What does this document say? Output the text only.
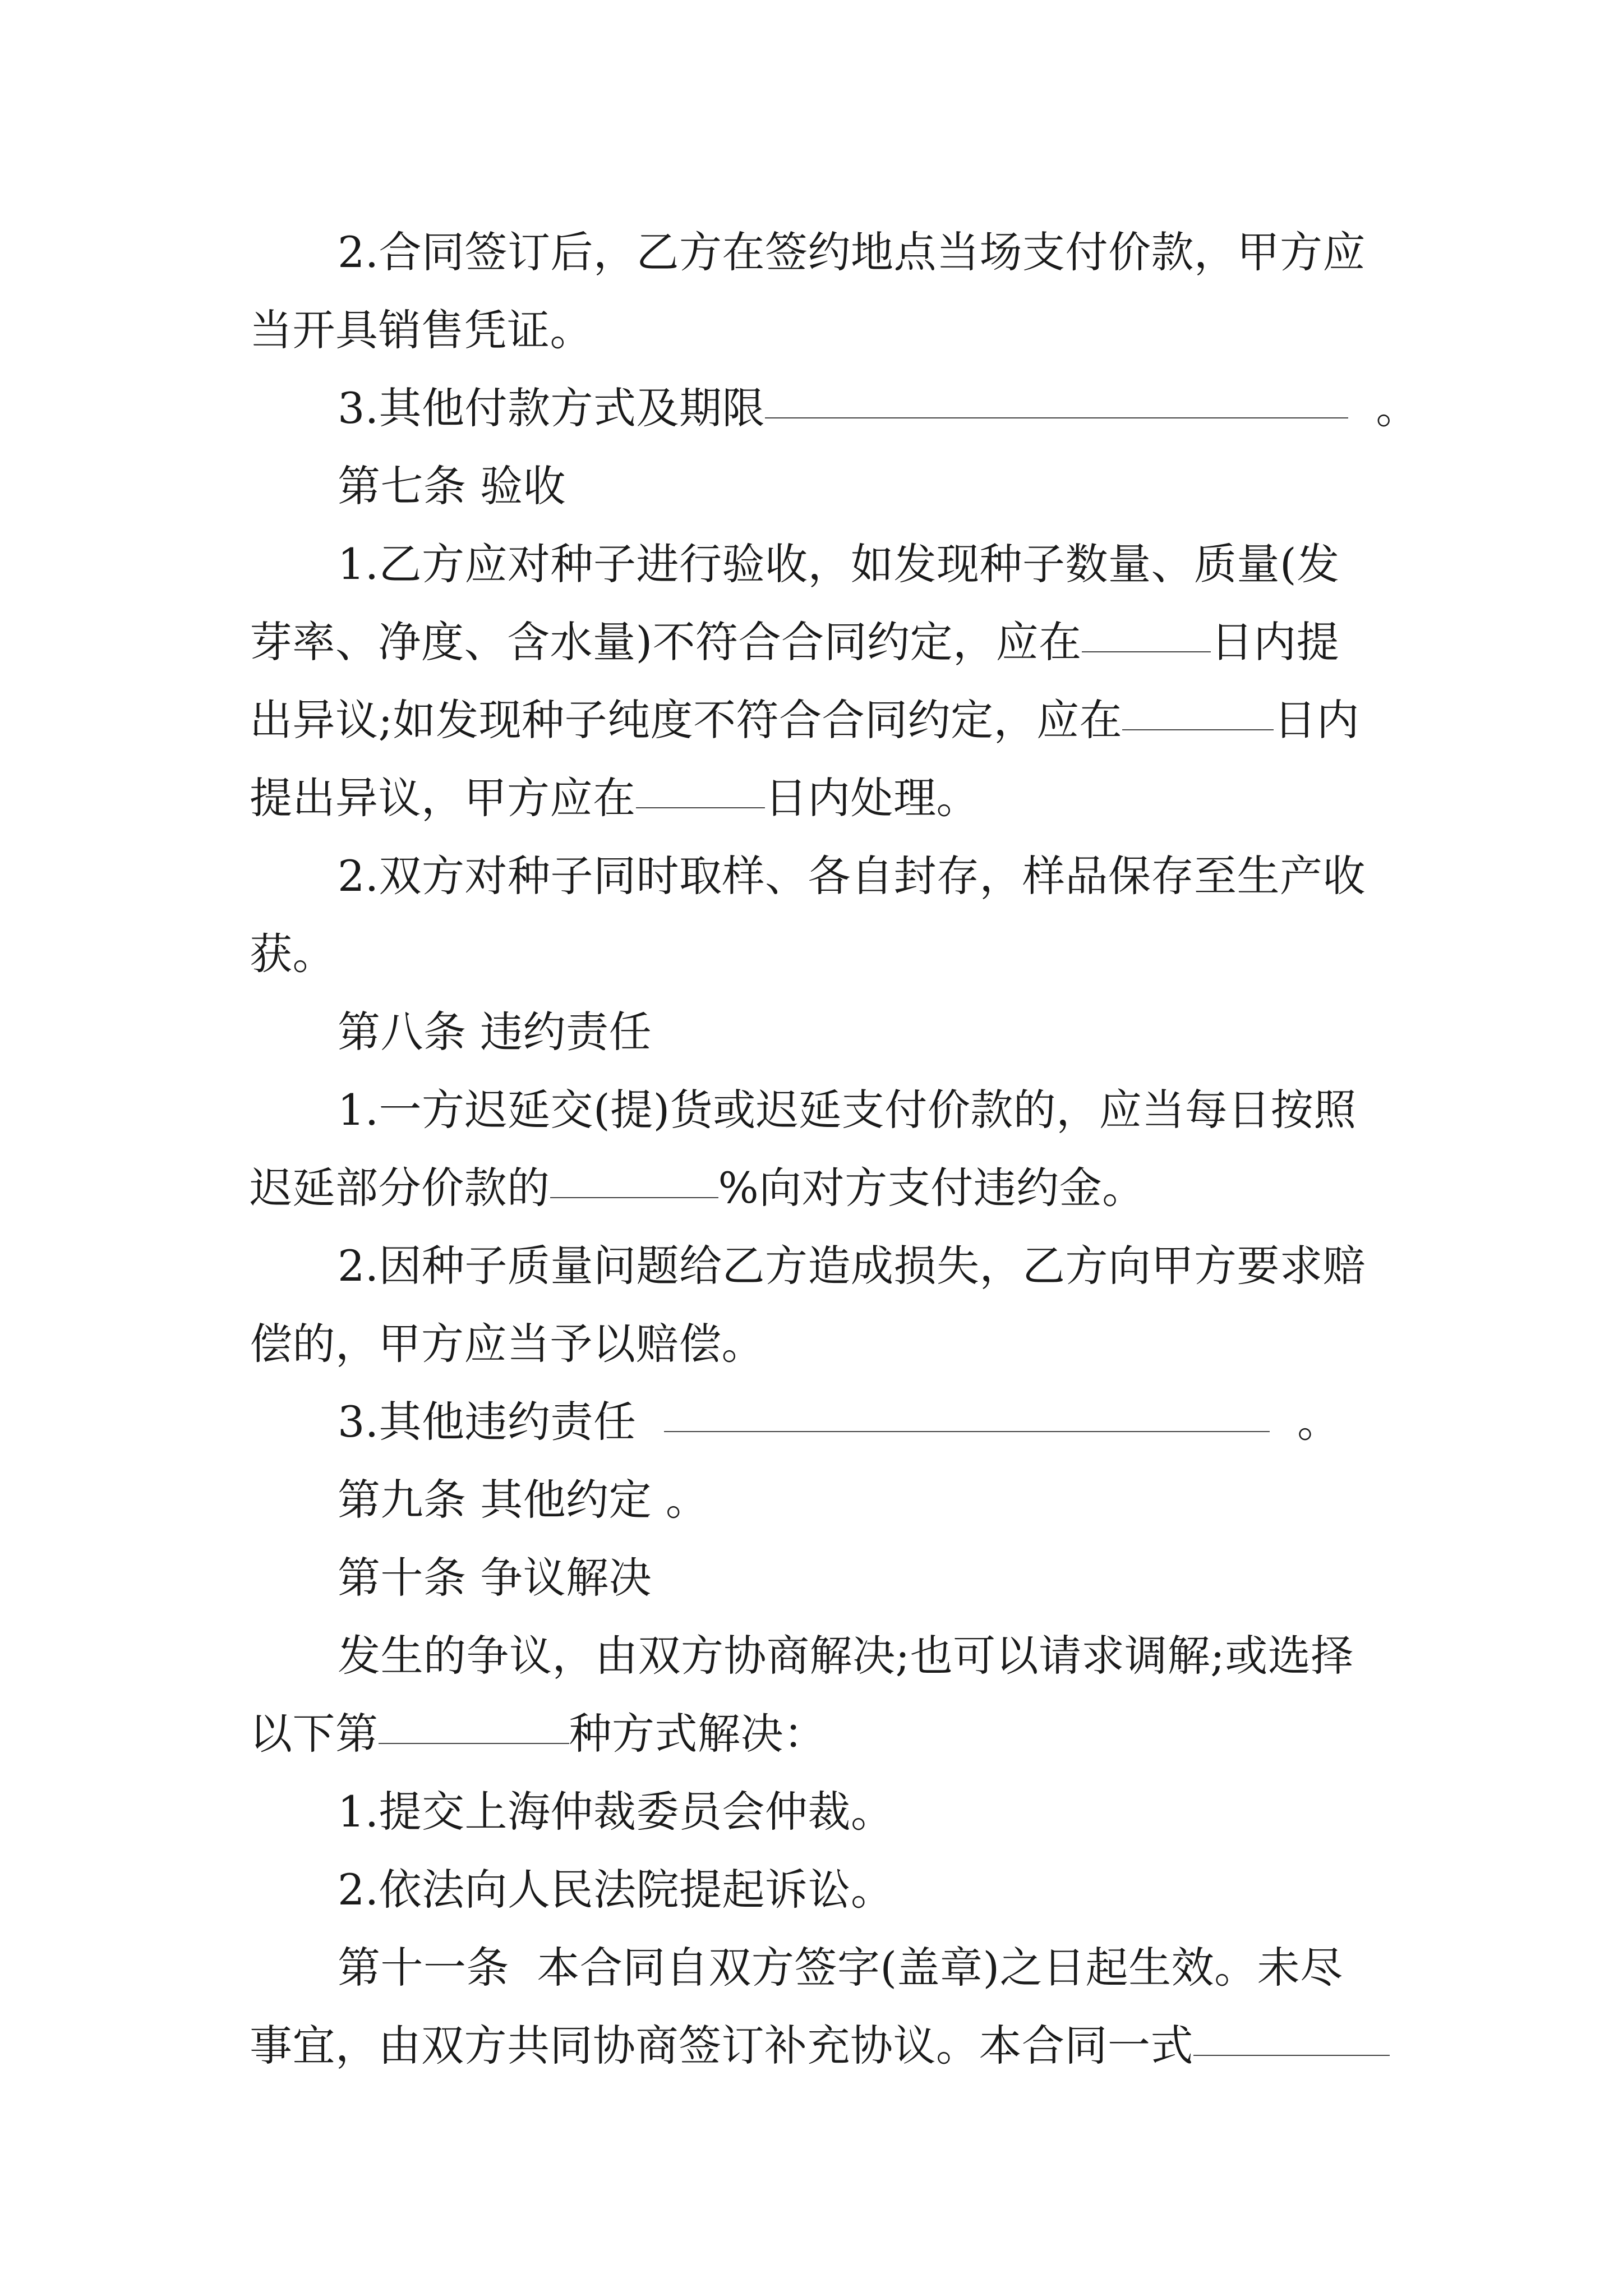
2.合同签订后，乙方在签约地点当场支付价款，甲方应
当开具销售凭证。
3.其他付款方式及期限	。
第七条 验收
1.乙方应对种子进行验收，如发现种子数量、质量(发
芽率、净度、含水量)不符合合同约定，应在	日内提
出异议;如发现种子纯度不符合合同约定，应在	日内
提出异议，甲方应在	日内处理。
2.双方对种子同时取样、各自封存，样品保存至生产收
获。
第八条 违约责任
1.一方迟延交(提)货或迟延支付价款的，应当每日按照
迟延部分价款的	%向对方支付违约金。
2.因种子质量问题给乙方造成损失，乙方向甲方要求赔
偿的，甲方应当予以赔偿。
3.其他违约责任	。
第九条 其他约定 。
第十条 争议解决
发生的争议，由双方协商解决;也可以请求调解;或选择
以下第	种方式解决：
1.提交上海仲裁委员会仲裁。
2.依法向人民法院提起诉讼。
第十一条  本合同自双方签字(盖章)之日起生效。未尽
事宜，由双方共同协商签订补充协议。本合同一式
